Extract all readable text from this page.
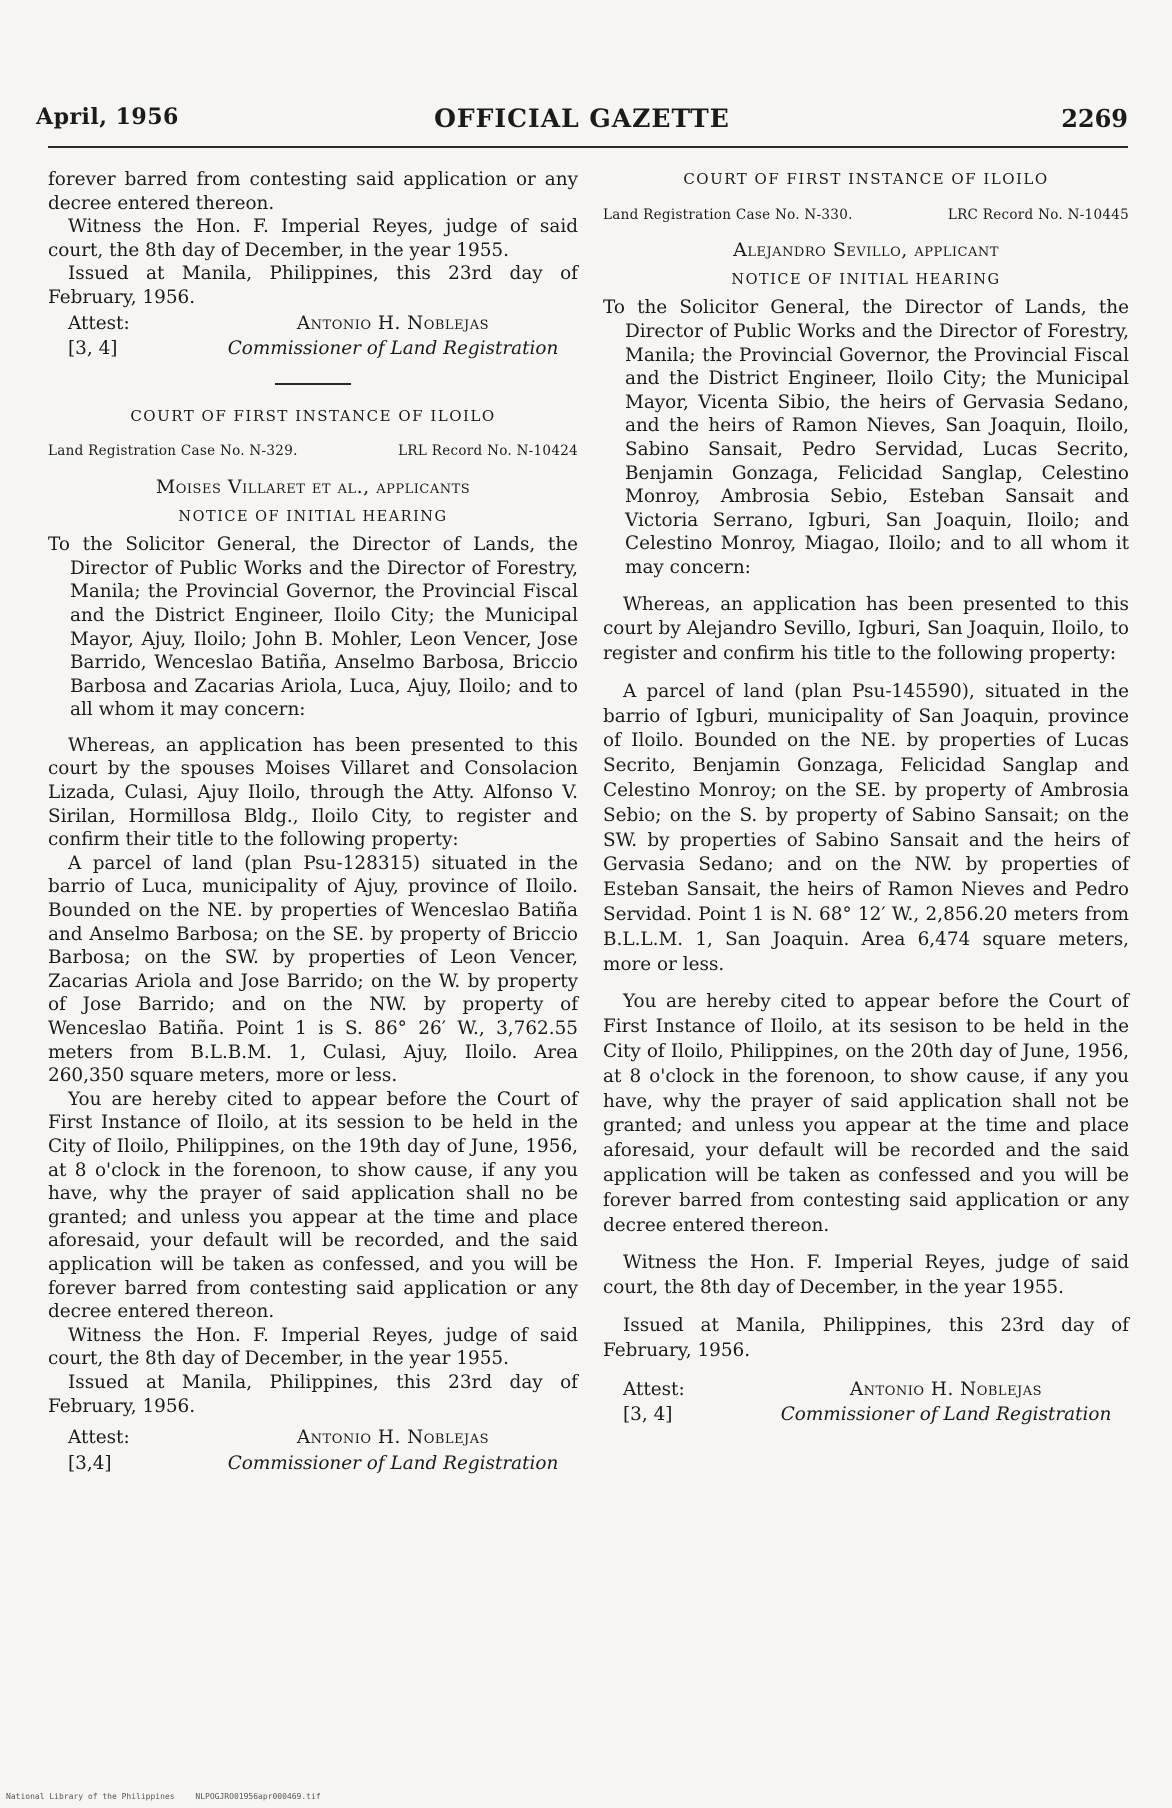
April, 1956	OFFICIAL GAZETTE	2269

forever barred from contesting said application or any decree entered thereon.

Witness the Hon. F. Imperial Reyes, judge of said court, the 8th day of December, in the year 1955.

Issued at Manila, Philippines, this 23rd day of February, 1956.

Attest:	Antonio H. Noblejas
[3, 4]	Commissioner of Land Registration

COURT OF FIRST INSTANCE OF ILOILO

Land Registration Case No. N-329.	LRL Record No. N-10424

Moises Villaret et al., applicants

NOTICE OF INITIAL HEARING

To the Solicitor General, the Director of Lands, the Director of Public Works and the Director of Forestry, Manila; the Provincial Governor, the Provincial Fiscal and the District Engineer, Iloilo City; the Municipal Mayor, Ajuy, Iloilo; John B. Mohler, Leon Vencer, Jose Barrido, Wenceslao Batiña, Anselmo Barbosa, Briccio Barbosa and Zacarias Ariola, Luca, Ajuy, Iloilo; and to all whom it may concern:

Whereas, an application has been presented to this court by the spouses Moises Villaret and Consolacion Lizada, Culasi, Ajuy Iloilo, through the Atty. Alfonso V. Sirilan, Hormillosa Bldg., Iloilo City, to register and confirm their title to the following property:

A parcel of land (plan Psu-128315) situated in the barrio of Luca, municipality of Ajuy, province of Iloilo. Bounded on the NE. by properties of Wenceslao Batiña and Anselmo Barbosa; on the SE. by property of Briccio Barbosa; on the SW. by properties of Leon Vencer, Zacarias Ariola and Jose Barrido; on the W. by property of Jose Barrido; and on the NW. by property of Wenceslao Batiña. Point 1 is S. 86° 26′ W., 3,762.55 meters from B.L.B.M. 1, Culasi, Ajuy, Iloilo. Area 260,350 square meters, more or less.

You are hereby cited to appear before the Court of First Instance of Iloilo, at its session to be held in the City of Iloilo, Philippines, on the 19th day of June, 1956, at 8 o'clock in the forenoon, to show cause, if any you have, why the prayer of said application shall no be granted; and unless you appear at the time and place aforesaid, your default will be recorded, and the said application will be taken as confessed, and you will be forever barred from contesting said application or any decree entered thereon.

Witness the Hon. F. Imperial Reyes, judge of said court, the 8th day of December, in the year 1955.

Issued at Manila, Philippines, this 23rd day of February, 1956.

Attest:	Antonio H. Noblejas
[3,4]	Commissioner of Land Registration

COURT OF FIRST INSTANCE OF ILOILO

Land Registration Case No. N-330.	LRC Record No. N-10445

Alejandro Sevillo, applicant

NOTICE OF INITIAL HEARING

To the Solicitor General, the Director of Lands, the Director of Public Works and the Director of Forestry, Manila; the Provincial Governor, the Provincial Fiscal and the District Engineer, Iloilo City; the Municipal Mayor, Vicenta Sibio, the heirs of Gervasia Sedano, and the heirs of Ramon Nieves, San Joaquin, Iloilo, Sabino Sansait, Pedro Servidad, Lucas Secrito, Benjamin Gonzaga, Felicidad Sanglap, Celestino Monroy, Ambrosia Sebio, Esteban Sansait and Victoria Serrano, Igburi, San Joaquin, Iloilo; and Celestino Monroy, Miagao, Iloilo; and to all whom it may concern:

Whereas, an application has been presented to this court by Alejandro Sevillo, Igburi, San Joaquin, Iloilo, to register and confirm his title to the following property:

A parcel of land (plan Psu-145590), situated in the barrio of Igburi, municipality of San Joaquin, province of Iloilo. Bounded on the NE. by properties of Lucas Secrito, Benjamin Gonzaga, Felicidad Sanglap and Celestino Monroy; on the SE. by property of Ambrosia Sebio; on the S. by property of Sabino Sansait; on the SW. by properties of Sabino Sansait and the heirs of Gervasia Sedano; and on the NW. by properties of Esteban Sansait, the heirs of Ramon Nieves and Pedro Servidad. Point 1 is N. 68° 12′ W., 2,856.20 meters from B.L.L.M. 1, San Joaquin. Area 6,474 square meters, more or less.

You are hereby cited to appear before the Court of First Instance of Iloilo, at its sesison to be held in the City of Iloilo, Philippines, on the 20th day of June, 1956, at 8 o'clock in the forenoon, to show cause, if any you have, why the prayer of said application shall not be granted; and unless you appear at the time and place aforesaid, your default will be recorded and the said application will be taken as confessed and you will be forever barred from contesting said application or any decree entered thereon.

Witness the Hon. F. Imperial Reyes, judge of said court, the 8th day of December, in the year 1955.

Issued at Manila, Philippines, this 23rd day of February, 1956.

Attest:	Antonio H. Noblejas
[3, 4]	Commissioner of Land Registration
National Library of the Philippines	NLPOGJRO01956apr000469.tif
